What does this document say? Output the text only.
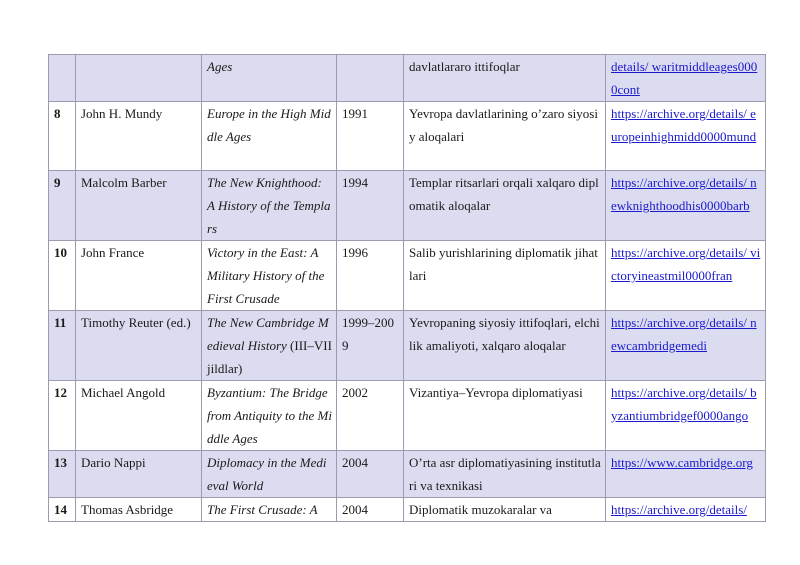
		Ages		davlatlararo ittifoqlar	details/ waritmiddleages0000cont
8	John H. Mundy	Europe in the High Middle Ages	1991	Yevropa davlatlarining o’zaro siyosiy aloqalari	https://archive.org/details/ europeinhighmidd0000mund
9	Malcolm Barber	The New Knighthood: A History of the Templars	1994	Templar ritsarlari orqali xalqaro diplomatik aloqalar	https://archive.org/details/ newknighthoodhis0000barb
10	John France	Victory in the East: A Military History of the First Crusade	1996	Salib yurishlarining diplomatik jihatlari	https://archive.org/details/ victoryineastmil0000fran
11	Timothy Reuter (ed.)	The New Cambridge Medieval History (III–VII jildlar)	1999–2009	Yevropaning siyosiy ittifoqlari, elchilik amaliyoti, xalqaro aloqalar	https://archive.org/details/ newcambridgemedi
12	Michael Angold	Byzantium: The Bridge from Antiquity to the Middle Ages	2002	Vizantiya–Yevropa diplomatiyasi	https://archive.org/details/ byzantiumbridgef0000ango
13	Dario Nappi	Diplomacy in the Medieval World	2004	O’rta asr diplomatiyasining institutlari va texnikasi	https://www.cambridge.org
14	Thomas Asbridge	The First Crusade: A	2004	Diplomatik muzokaralar va	https://archive.org/details/
